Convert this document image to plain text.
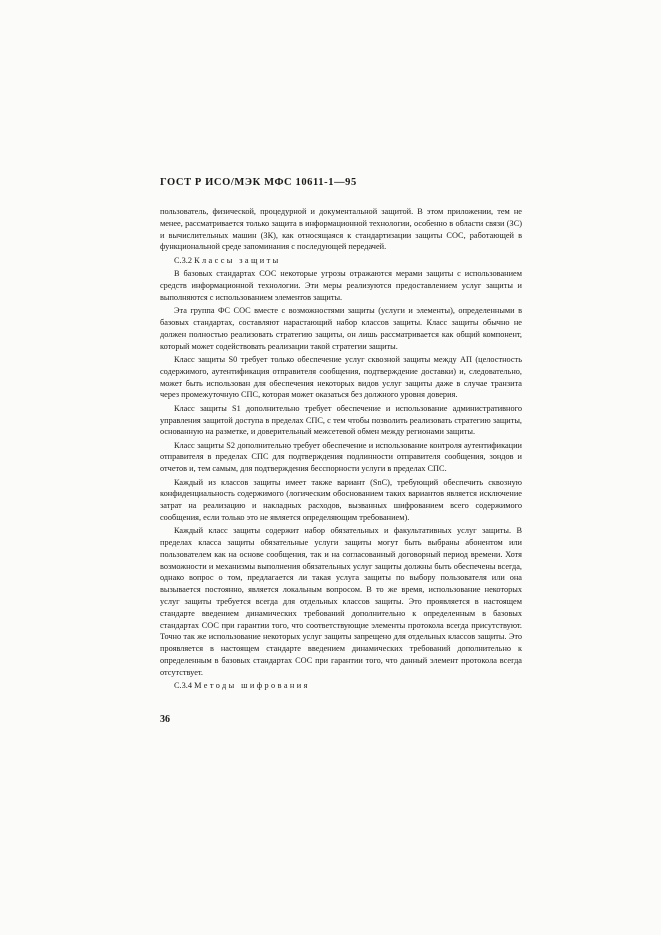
ГОСТ Р ИСО/МЭК МФС 10611-1—95

пользователь, физической, процедурной и документальной защитой. В этом приложении, тем не менее, рассматривается только защита в информационной технологии, особенно в области связи (ЗС) и вычислительных машин (ЗК), как относящаяся к стандартизации защиты СОС, работающей в функциональной среде запоминания с последующей передачей.

С.3.2 Классы защиты

В базовых стандартах СОС некоторые угрозы отражаются мерами защиты с использованием средств информационной технологии. Эти меры реализуются предоставлением услуг защиты и выполняются с использованием элементов защиты.

Эта группа ФС СОС вместе с возможностями защиты (услуги и элементы), определенными в базовых стандартах, составляют нарастающий набор классов защиты. Класс защиты обычно не должен полностью реализовать стратегию защиты, он лишь рассматривается как общий компонент, который может содействовать реализации такой стратегии защиты.

Класс защиты S0 требует только обеспечение услуг сквозной защиты между АП (целостность содержимого, аутентификация отправителя сообщения, подтверждение доставки) и, следовательно, может быть использован для обеспечения некоторых видов услуг защиты даже в случае транзита через промежуточную СПС, которая может оказаться без должного уровня доверия.

Класс защиты S1 дополнительно требует обеспечение и использование административного управления защитой доступа в пределах СПС, с тем чтобы позволить реализовать стратегию защиты, основанную на разметке, и доверительный межсетевой обмен между регионами защиты.

Класс защиты S2 дополнительно требует обеспечение и использование контроля аутентификации отправителя в пределах СПС для подтверждения подлинности отправителя сообщения, зондов и отчетов и, тем самым, для подтверждения бесспорности услуги в пределах СПС.

Каждый из классов защиты имеет также вариант (SnC), требующий обеспечить сквозную конфиденциальность содержимого (логическим обоснованием таких вариантов является исключение затрат на реализацию и накладных расходов, вызванных шифрованием всего содержимого сообщения, если только это не является определяющим требованием).

Каждый класс защиты содержит набор обязательных и факультативных услуг защиты. В пределах класса защиты обязательные услуги защиты могут быть выбраны абонентом или пользователем как на основе сообщения, так и на согласованный договорный период времени. Хотя возможности и механизмы выполнения обязательных услуг защиты должны быть обеспечены всегда, однако вопрос о том, предлагается ли такая услуга защиты по выбору пользователя или она вызывается постоянно, является локальным вопросом. В то же время, использование некоторых услуг защиты требуется всегда для отдельных классов защиты. Это проявляется в настоящем стандарте введением динамических требований дополнительно к определенным в базовых стандартах СОС при гарантии того, что соответствующие элементы протокола всегда присутствуют. Точно так же использование некоторых услуг защиты запрещено для отдельных классов защиты. Это проявляется в настоящем стандарте введением динамических требований дополнительно к определенным в базовых стандартах СОС при гарантии того, что данный элемент протокола всегда отсутствует.

С.3.4 Методы шифрования

36
